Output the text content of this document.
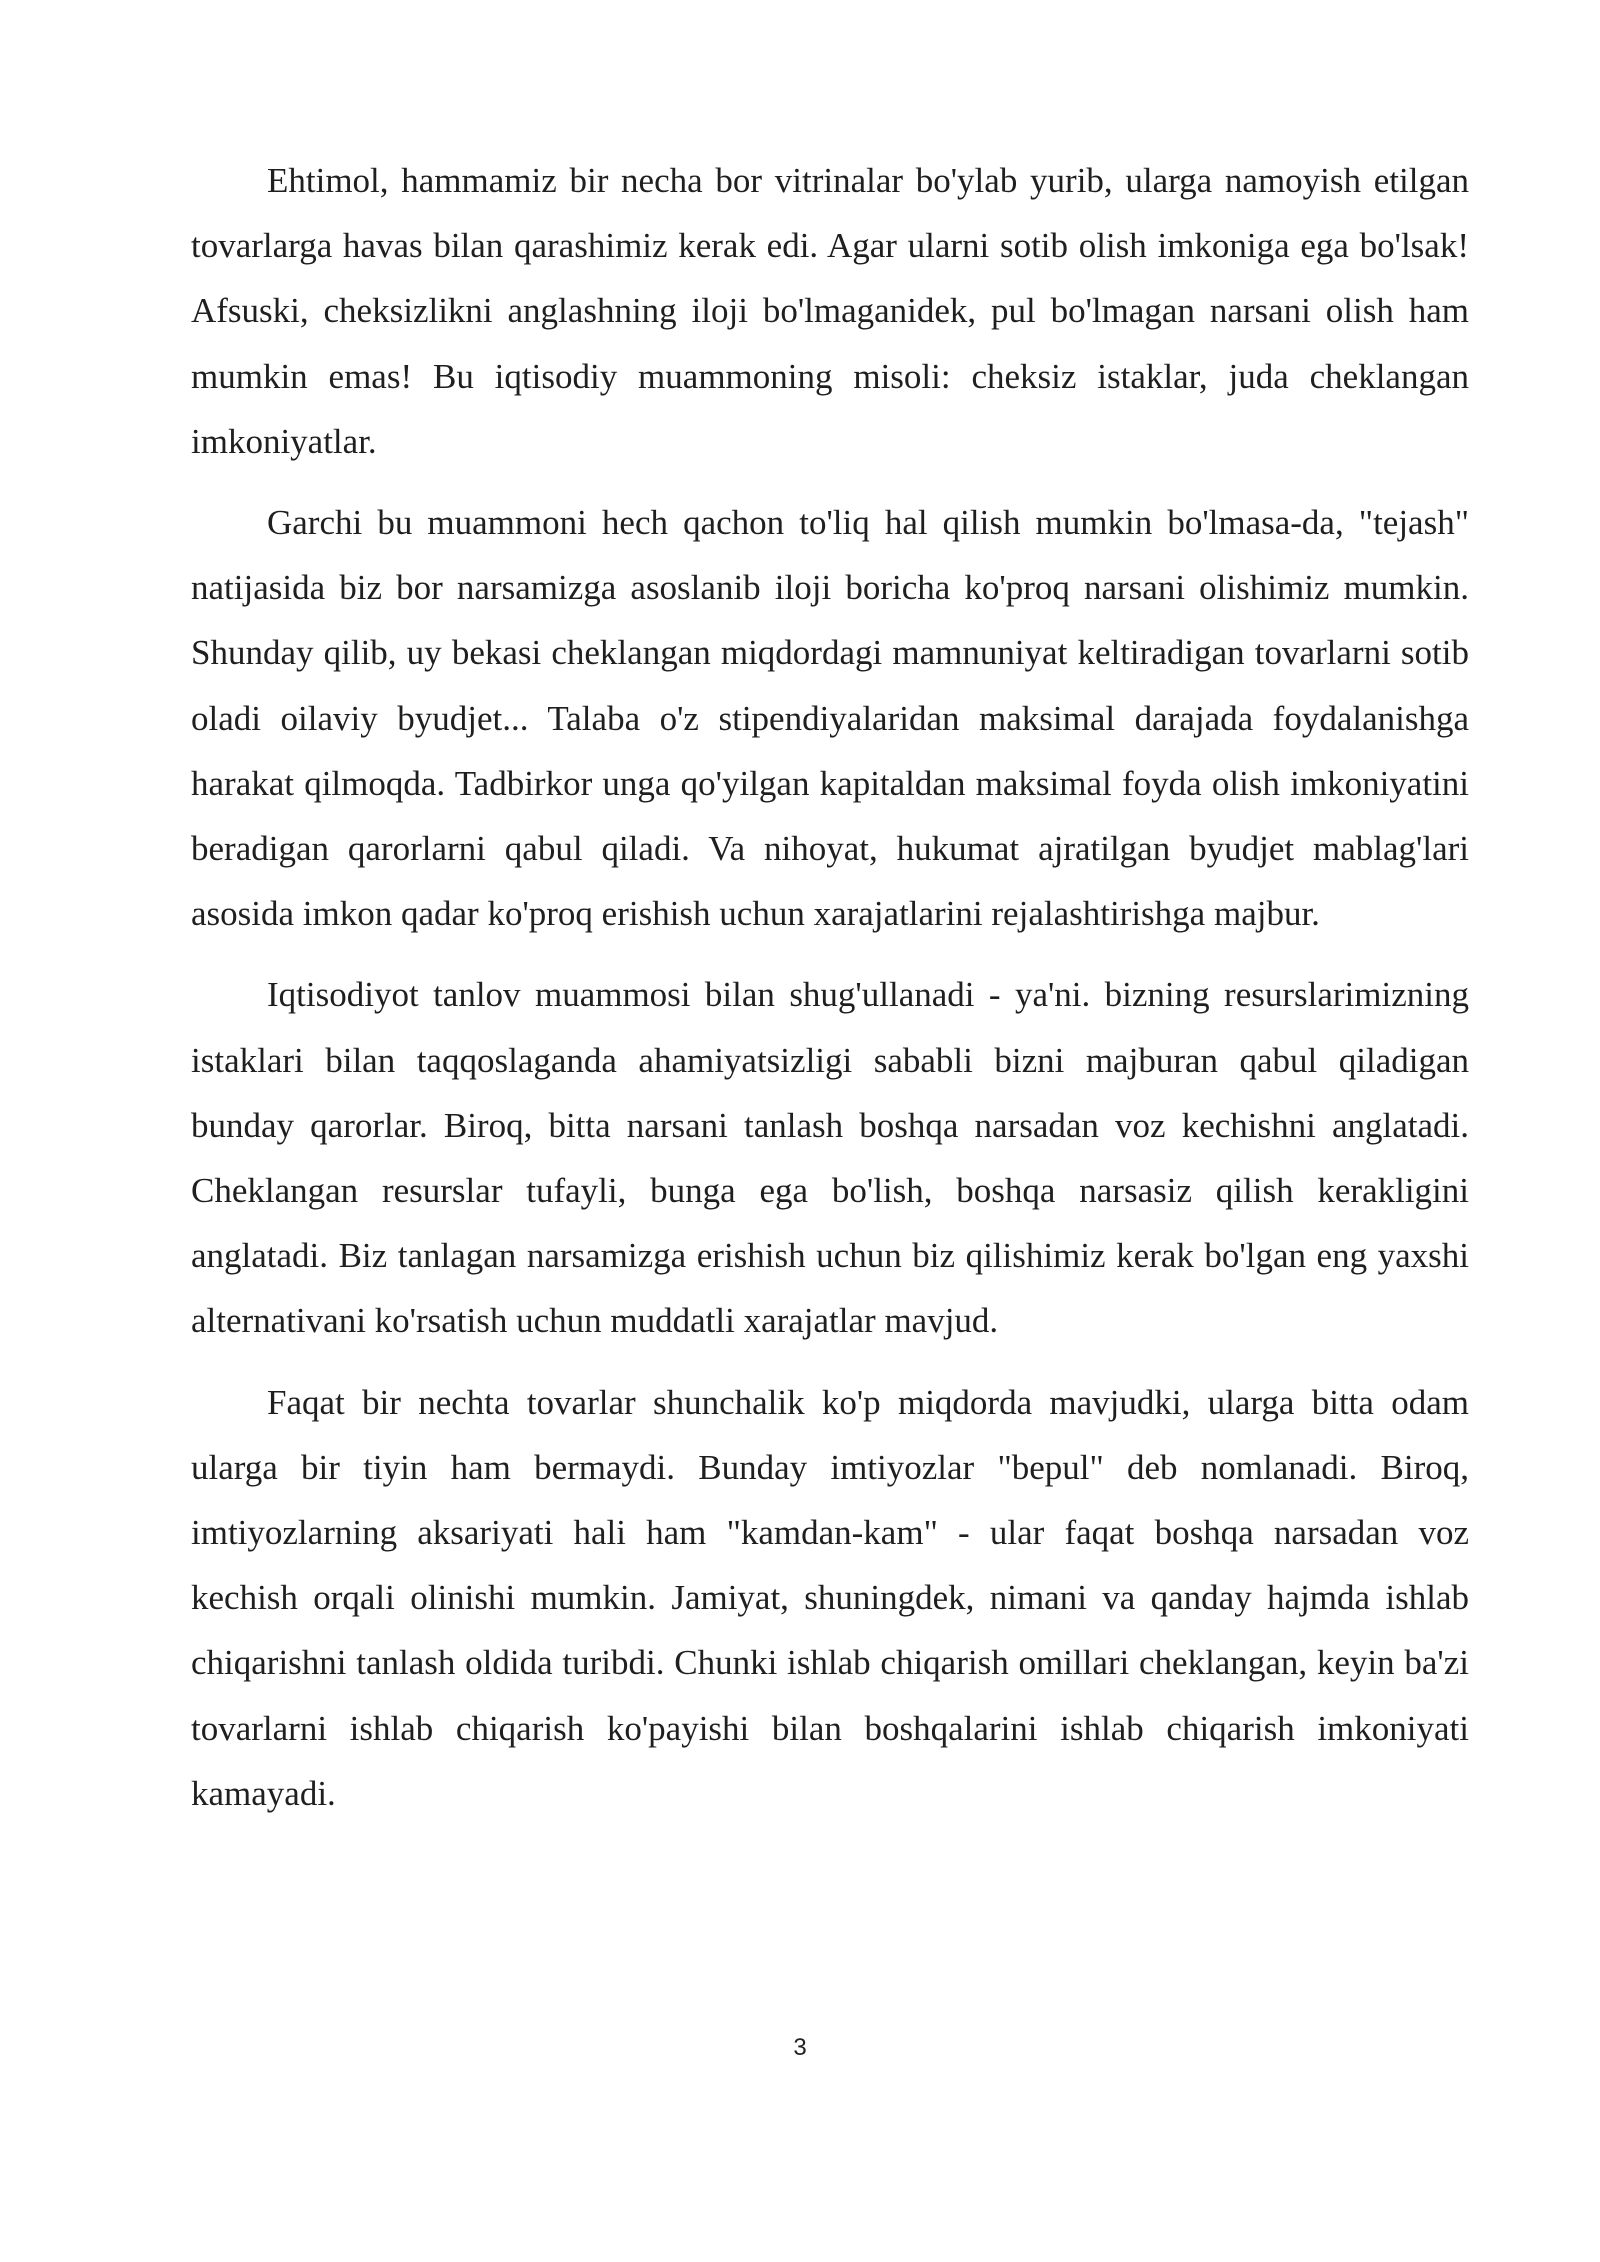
Ehtimol, hammamiz bir necha bor vitrinalar bo'ylab yurib, ularga namoyish etilgan tovarlarga havas bilan qarashimiz kerak edi. Agar ularni sotib olish imkoniga ega bo'lsak! Afsuski, cheksizlikni anglashning iloji bo'lmaganidek, pul bo'lmagan narsani olish ham mumkin emas! Bu iqtisodiy muammoning misoli: cheksiz istaklar, juda cheklangan imkoniyatlar.

Garchi bu muammoni hech qachon to'liq hal qilish mumkin bo'lmasa-da, "tejash" natijasida biz bor narsamizga asoslanib iloji boricha ko'proq narsani olishimiz mumkin. Shunday qilib, uy bekasi cheklangan miqdordagi mamnuniyat keltiradigan tovarlarni sotib oladi oilaviy byudjet... Talaba o'z stipendiyalaridan maksimal darajada foydalanishga harakat qilmoqda. Tadbirkor unga qo'yilgan kapitaldan maksimal foyda olish imkoniyatini beradigan qarorlarni qabul qiladi. Va nihoyat, hukumat ajratilgan byudjet mablag'lari asosida imkon qadar ko'proq erishish uchun xarajatlarini rejalashtirishga majbur.

Iqtisodiyot tanlov muammosi bilan shug'ullanadi - ya'ni. bizning resurslarimizning istaklari bilan taqqoslaganda ahamiyatsizligi sababli bizni majburan qabul qiladigan bunday qarorlar. Biroq, bitta narsani tanlash boshqa narsadan voz kechishni anglatadi. Cheklangan resurslar tufayli, bunga ega bo'lish, boshqa narsasiz qilish kerakligini anglatadi. Biz tanlagan narsamizga erishish uchun biz qilishimiz kerak bo'lgan eng yaxshi alternativani ko'rsatish uchun muddatli xarajatlar mavjud.

Faqat bir nechta tovarlar shunchalik ko'p miqdorda mavjudki, ularga bitta odam ularga bir tiyin ham bermaydi. Bunday imtiyozlar "bepul" deb nomlanadi. Biroq, imtiyozlarning aksariyati hali ham "kamdan-kam" - ular faqat boshqa narsadan voz kechish orqali olinishi mumkin. Jamiyat, shuningdek, nimani va qanday hajmda ishlab chiqarishni tanlash oldida turibdi. Chunki ishlab chiqarish omillari cheklangan, keyin ba'zi tovarlarni ishlab chiqarish ko'payishi bilan boshqalarini ishlab chiqarish imkoniyati kamayadi.

3
